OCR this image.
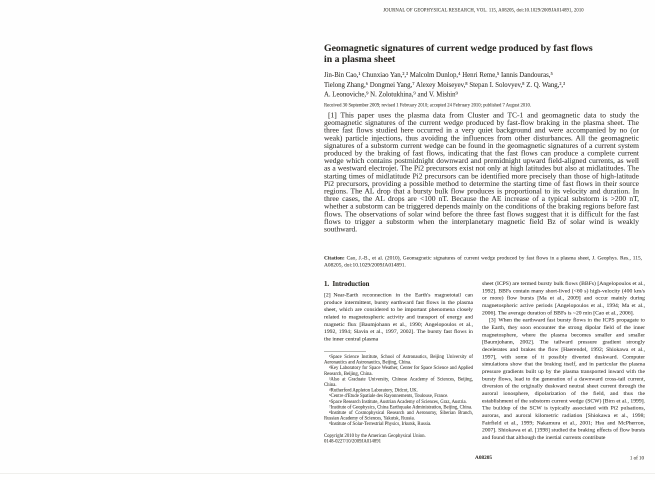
JOURNAL OF GEOPHYSICAL RESEARCH, VOL. 115, A08205, doi:10.1029/2009JA014891, 2010
Geomagnetic signatures of current wedge produced by fast flows
in a plasma sheet
Jin-Bin Cao,¹ Chunxiao Yan,²,³ Malcolm Dunlop,⁴ Henri Reme,⁵ Iannis Dandouras,⁵
Tielong Zhang,⁶ Dongmei Yang,⁷ Alexey Moiseyev,⁸ Stepan I. Solovyev,⁸ Z. Q. Wang,²,³
A. Leonoviche,⁹ N. Zolotukhina,⁹ and V. Mishin⁹
Received 30 September 2009; revised 1 February 2010; accepted 24 February 2010; published 7 August 2010.
[1] This paper uses the plasma data from Cluster and TC-1 and geomagnetic data to study the geomagnetic signatures of the current wedge produced by fast-flow braking in the plasma sheet. The three fast flows studied here occurred in a very quiet background and were accompanied by no (or weak) particle injections, thus avoiding the influences from other disturbances. All the geomagnetic signatures of a substorm current wedge can be found in the geomagnetic signatures of a current system produced by the braking of fast flows, indicating that the fast flows can produce a complete current wedge which contains postmidnight downward and premidnight upward field-aligned currents, as well as a westward electrojet. The Pi2 precursors exist not only at high latitudes but also at midlatitudes. The starting times of midlatitude Pi2 precursors can be identified more precisely than those of high-latitude Pi2 precursors, providing a possible method to determine the starting time of fast flows in their source regions. The AL drop that a bursty bulk flow produces is proportional to its velocity and duration. In three cases, the AL drops are <100 nT. Because the AE increase of a typical substorm is >200 nT, whether a substorm can be triggered depends mainly on the conditions of the braking regions before fast flows. The observations of solar wind before the three fast flows suggest that it is difficult for the fast flows to trigger a substorm when the interplanetary magnetic field Bz of solar wind is weakly southward.
Citation: Cao, J.-B., et al. (2010), Geomagnetic signatures of current wedge produced by fast flows in a plasma sheet, J. Geophys. Res., 115, A08205, doi:10.1029/2009JA014891.
1. Introduction
[2] Near-Earth reconnection in the Earth's magnetotail can produce intermittent, bursty earthward fast flows in the plasma sheet, which are considered to be important phenomena closely related to magnetospheric activity and transport of energy and magnetic flux [Baumjohann et al., 1990; Angelopoulos et al., 1992, 1994; Slavin et al., 1997, 2002]. The bursty fast flows in the inner central plasma
sheet (ICPS) are termed bursty bulk flows (BBFs) [Angelopoulos et al., 1992]. BBFs contain many short-lived (<60 s) high-velocity (400 km/s or more) flow bursts [Ma et al., 2009] and occur mainly during magnetospheric active periods [Angelopoulos et al., 1994; Ma et al., 2006]. The average duration of BBFs is ~20 min [Cao et al., 2006].
[3] When the earthward fast bursty flows in the ICPS propagate to the Earth, they soon encounter the strong dipolar field of the inner magnetosphere, where the plasma becomes smaller and smaller [Baumjohann, 2002]. The tailward pressure gradient strongly decelerates and brakes the flow [Haerendel, 1992; Shiokawa et al., 1997], with some of it possibly diverted duskward. Computer simulations show that the braking itself, and in particular the plasma pressure gradients built up by the plasma transported inward with the bursty flows, lead to the generation of a dawnward cross-tail current, diversion of the originally duskward neutral sheet current through the auroral ionosphere, dipolarization of the field, and thus the establishment of the substorm current wedge (SCW) [Birn et al., 1999]. The buildup of the SCW is typically associated with Pi2 pulsations, auroras, and auroral kilometric radiation [Shiokawa et al., 1998; Fairfield et al., 1999; Nakamura et al., 2001; Hsu and McPherron, 2007]. Shiokawa et al. [1998] studied the braking effects of flow bursts and found that although the inertial currents contribute
¹Space Science Institute, School of Astronautics, Beijing University of Aeronautics and Astronautics, Beijing, China.
²Key Laboratory for Space Weather, Center for Space Science and Applied Research, Beijing, China.
³Also at Graduate University, Chinese Academy of Sciences, Beijing, China.
⁴Rutherford Appleton Laboratory, Didcot, UK.
⁵Centre d'Etude Spatiale des Rayonnements, Toulouse, France.
⁶Space Research Institute, Austrian Academy of Sciences, Graz, Austria.
⁷Institute of Geophysics, China Earthquake Administration, Beijing, China.
⁸Institute of Cosmophysical Research and Aeronomy, Siberian Branch, Russian Academy of Sciences, Yakutsk, Russia.
⁹Institute of Solar-Terrestrial Physics, Irkutsk, Russia.
Copyright 2010 by the American Geophysical Union.
0148-0227/10/2009JA014891
A08205	1 of 10
